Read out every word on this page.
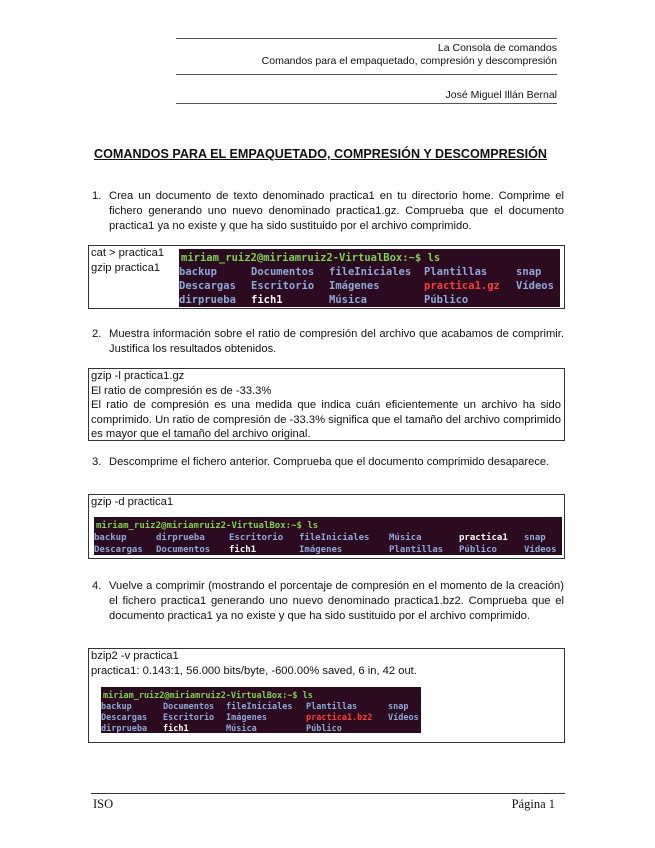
La Consola de comandos
Comandos para el empaquetado, compresión y descompresión
José Miguel Illán Bernal
COMANDOS PARA EL EMPAQUETADO, COMPRESIÓN Y DESCOMPRESIÓN
1. Crea un documento de texto denominado practica1 en tu directorio home. Comprime el fichero generando uno nuevo denominado practica1.gz. Comprueba que el documento practica1 ya no existe y que ha sido sustituido por el archivo comprimido.
cat > practica1
gzip practica1
miriam_ruiz2@miriamruiz2-VirtualBox:~$ ls
backup	Documentos fileIniciales Plantillas	snap
Descargas Escritorio Imágenes	practica1.gz Vídeos
dirprueba fich1	Música	Público
2. Muestra información sobre el ratio de compresión del archivo que acabamos de comprimir. Justifica los resultados obtenidos.
gzip -l practica1.gz
El ratio de compresión es de -33.3%
El ratio de compresión es una medida que indica cuán eficientemente un archivo ha sido comprimido. Un ratio de compresión de -33.3% significa que el tamaño del archivo comprimido es mayor que el tamaño del archivo original.
3. Descomprime el fichero anterior. Comprueba que el documento comprimido desaparece.
gzip -d practica1
miriam_ruiz2@miriamruiz2-VirtualBox:~$ ls
backup	dirprueba	Escritorio fileIniciales Música	practica1 snap
Descargas Documentos fich1	Imágenes	Plantillas Público	Vídeos
4. Vuelve a comprimir (mostrando el porcentaje de compresión en el momento de la creación) el fichero practica1 generando uno nuevo denominado practica1.bz2. Comprueba que el documento practica1 ya no existe y que ha sido sustituido por el archivo comprimido.
bzip2 -v practica1
practica1: 0.143:1, 56.000 bits/byte, -600.00% saved, 6 in, 42 out.
miriam_ruiz2@miriamruiz2-VirtualBox:~$ ls
backup	Documentos fileIniciales Plantillas	snap
Descargas Escritorio Imágenes	practica1.bz2 Vídeos
dirprueba fich1	Música	Público
ISO	Página 1
